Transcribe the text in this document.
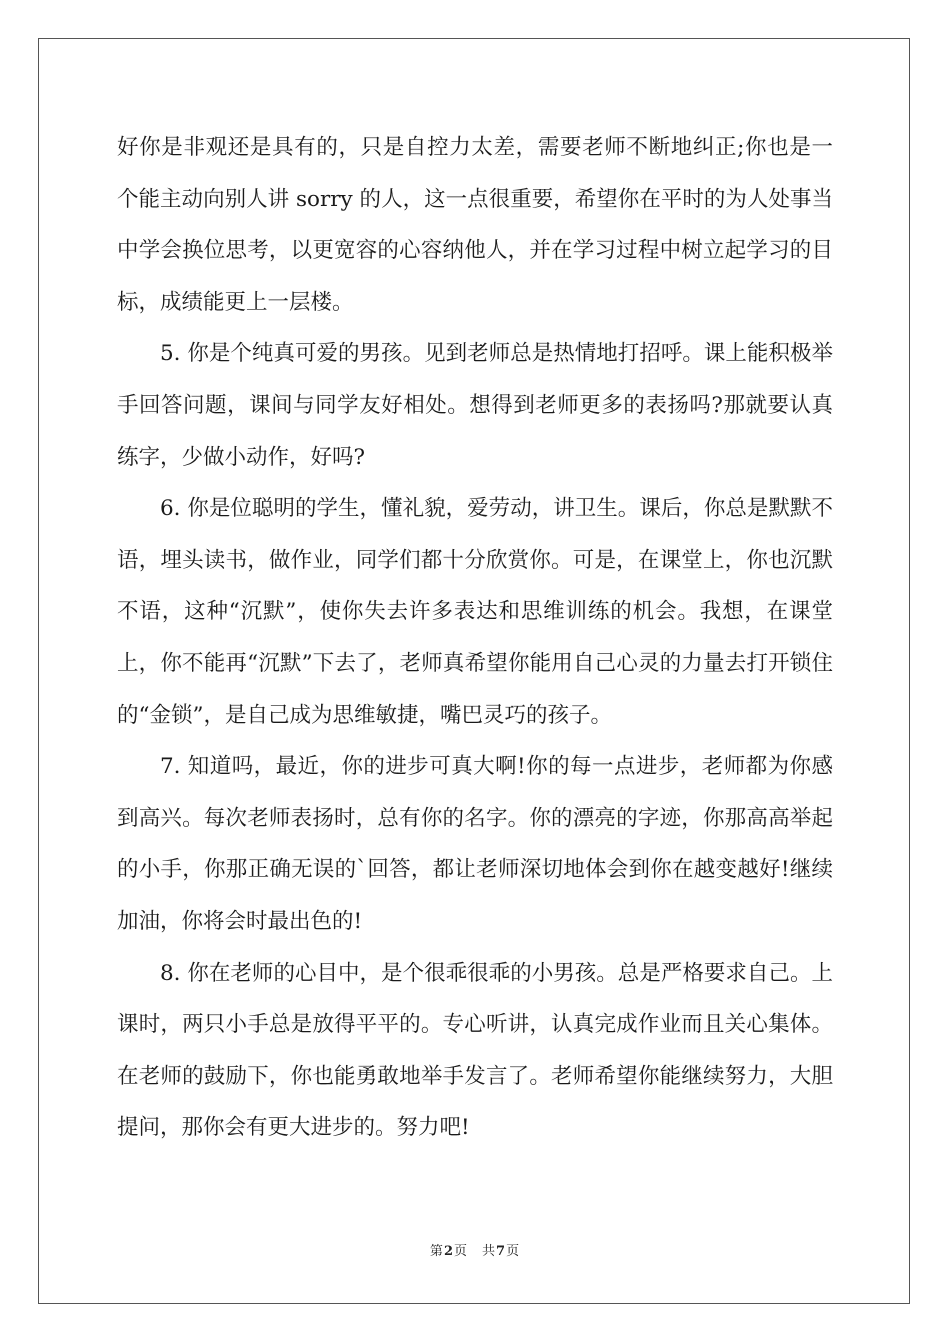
好你是非观还是具有的，只是自控力太差，需要老师不断地纠正;你也是一个能主动向别人讲 sorry 的人，这一点很重要，希望你在平时的为人处事当中学会换位思考，以更宽容的心容纳他人，并在学习过程中树立起学习的目标，成绩能更上一层楼。

5. 你是个纯真可爱的男孩。见到老师总是热情地打招呼。课上能积极举手回答问题，课间与同学友好相处。想得到老师更多的表扬吗?那就要认真练字，少做小动作，好吗?

6. 你是位聪明的学生，懂礼貌，爱劳动，讲卫生。课后，你总是默默不语，埋头读书，做作业，同学们都十分欣赏你。可是，在课堂上，你也沉默不语，这种“沉默”，使你失去许多表达和思维训练的机会。我想，在课堂上，你不能再“沉默”下去了，老师真希望你能用自己心灵的力量去打开锁住的“金锁”，是自己成为思维敏捷，嘴巴灵巧的孩子。

7. 知道吗，最近，你的进步可真大啊!你的每一点进步，老师都为你感到高兴。每次老师表扬时，总有你的名字。你的漂亮的字迹，你那高高举起的小手，你那正确无误的`回答，都让老师深切地体会到你在越变越好!继续加油，你将会时最出色的!

8. 你在老师的心目中，是个很乖很乖的小男孩。总是严格要求自己。上课时，两只小手总是放得平平的。专心听讲，认真完成作业而且关心集体。在老师的鼓励下，你也能勇敢地举手发言了。老师希望你能继续努力，大胆提问，那你会有更大进步的。努力吧!

第2页 共7页
